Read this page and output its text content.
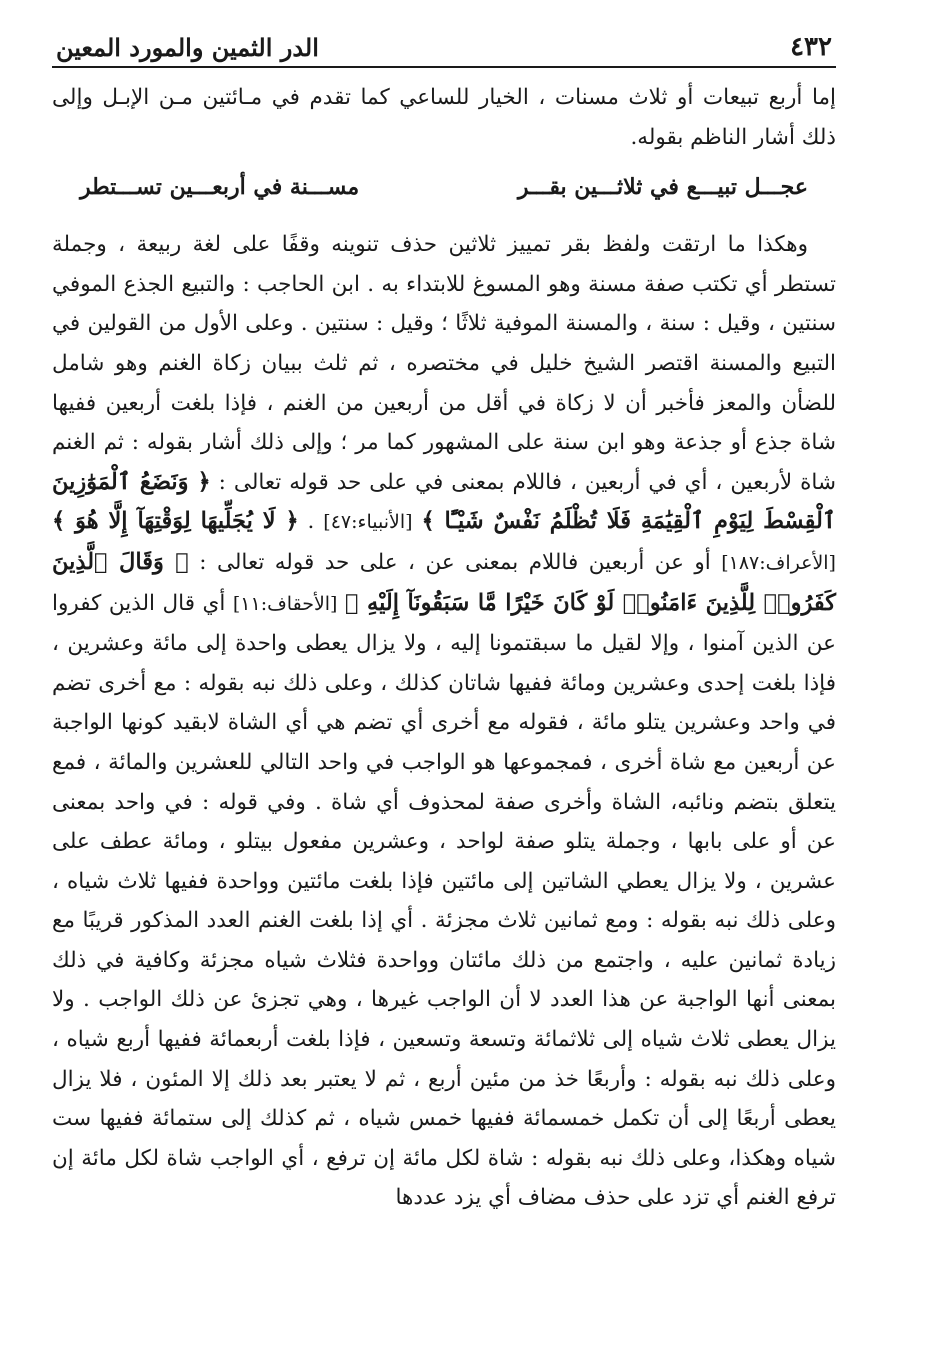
٤٣٢
الدر الثمين والمورد المعين

إما أربع تبيعات أو ثلاث مسنات ، الخيار للساعي كما تقدم في مـائتين مـن الإبـل وإلى ذلك أشار الناظم بقوله.

عجـــل تبيـــع في ثلاثـــين بقـــر
مســـنة في أربعـــين تســـتطر

وهكذا ما ارتقت ولفظ بقر تمييز ثلاثين حذف تنوينه وقفًا على لغة ربيعة ، وجملة تستطر أي تكتب صفة مسنة وهو المسوغ للابتداء به . ابن الحاجب : والتبيع الجذع الموفي سنتين ، وقيل : سنة ، والمسنة الموفية ثلاثًا ؛ وقيل : سنتين . وعلى الأول من القولين في التبيع والمسنة اقتصر الشيخ خليل في مختصره ، ثم ثلث ببيان زكاة الغنم وهو شامل للضأن والمعز فأخبر أن لا زكاة في أقل من أربعين من الغنم ، فإذا بلغت أربعين ففيها شاة جذع أو جذعة وهو ابن سنة على المشهور كما مر ؛ وإلى ذلك أشار بقوله : ثم الغنم شاة لأربعين ، أي في أربعين ، فاللام بمعنى في على حد قوله تعالى : ﴿ وَنَضَعُ ٱلْمَوَٰزِينَ ٱلْقِسْطَ لِيَوْمِ ٱلْقِيَٰمَةِ فَلَا تُظْلَمُ نَفْسٌ شَيْـًٔا ﴾ [الأنبياء:٤٧] . ﴿ لَا يُجَلِّيهَا لِوَقْتِهَآ إِلَّا هُوَ ﴾ [الأعراف:١٨٧] أو عن أربعين فاللام بمعنى عن ، على حد قوله تعالى : ﴿ وَقَالَ ٱلَّذِينَ كَفَرُوا۟ لِلَّذِينَ ءَامَنُوا۟ لَوْ كَانَ خَيْرًا مَّا سَبَقُونَآ إِلَيْهِ ﴾ [الأحقاف:١١] أي قال الذين كفروا عن الذين آمنوا ، وإلا لقيل ما سبقتمونا إليه ، ولا يزال يعطى واحدة إلى مائة وعشرين ، فإذا بلغت إحدى وعشرين ومائة ففيها شاتان كذلك ، وعلى ذلك نبه بقوله : مع أخرى تضم في واحد وعشرين يتلو مائة ، فقوله مع أخرى أي تضم هي أي الشاة لابقيد كونها الواجبة عن أربعين مع شاة أخرى ، فمجموعها هو الواجب في واحد التالي للعشرين والمائة ، فمع يتعلق بتضم ونائبه، الشاة وأخرى صفة لمحذوف أي شاة . وفي قوله : في واحد بمعنى عن أو على بابها ، وجملة يتلو صفة لواحد ، وعشرين مفعول بيتلو ، ومائة عطف على عشرين ، ولا يزال يعطي الشاتين إلى مائتين فإذا بلغت مائتين وواحدة ففيها ثلاث شياه ، وعلى ذلك نبه بقوله : ومع ثمانين ثلاث مجزئة . أي إذا بلغت الغنم العدد المذكور قريبًا مع زيادة ثمانين عليه ، واجتمع من ذلك مائتان وواحدة فثلاث شياه مجزئة وكافية في ذلك بمعنى أنها الواجبة عن هذا العدد لا أن الواجب غيرها ، وهي تجزئ عن ذلك الواجب . ولا يزال يعطى ثلاث شياه إلى ثلاثمائة وتسعة وتسعين ، فإذا بلغت أربعمائة ففيها أربع شياه ، وعلى ذلك نبه بقوله : وأربعًا خذ من مئين أربع ، ثم لا يعتبر بعد ذلك إلا المئون ، فلا يزال يعطى أربعًا إلى أن تكمل خمسمائة ففيها خمس شياه ، ثم كذلك إلى ستمائة ففيها ست شياه وهكذا، وعلى ذلك نبه بقوله : شاة لكل مائة إن ترفع ، أي الواجب شاة لكل مائة إن ترفع الغنم أي تزد على حذف مضاف أي يزد عددها
